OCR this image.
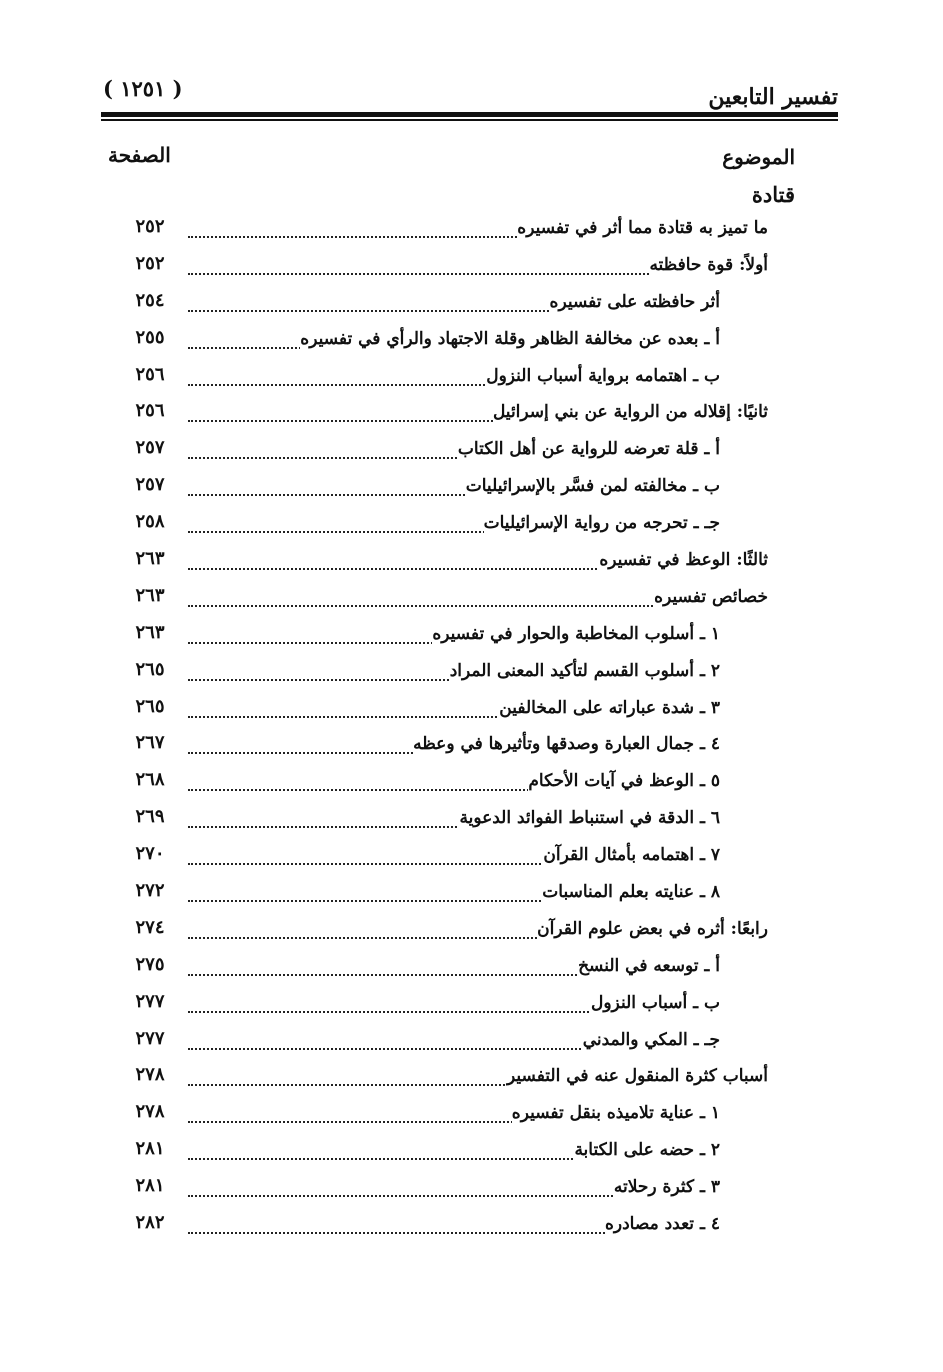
تفسير التابعين
( ١٢٥١ )
الموضوع
الصفحة
قتادة
ما تميز به قتادة مما أثر في تفسيره
٢٥٢
أولاً: قوة حافظته
٢٥٢
أثر حافظته على تفسيره
٢٥٤
أ ـ بعده عن مخالفة الظاهر وقلة الاجتهاد والرأي في تفسيره
٢٥٥
ب ـ اهتمامه برواية أسباب النزول
٢٥٦
ثانيًا: إقلاله من الرواية عن بني إسرائيل
٢٥٦
أ ـ قلة تعرضه للرواية عن أهل الكتاب
٢٥٧
ب ـ مخالفته لمن فسَّر بالإسرائيليات
٢٥٧
جـ ـ تحرجه من رواية الإسرائيليات
٢٥٨
ثالثًا: الوعظ في تفسيره
٢٦٣
خصائص تفسيره
٢٦٣
١ ـ أسلوب المخاطبة والحوار في تفسيره
٢٦٣
٢ ـ أسلوب القسم لتأكيد المعنى المراد
٢٦٥
٣ ـ شدة عباراته على المخالفين
٢٦٥
٤ ـ جمال العبارة وصدقها وتأثيرها في وعظه
٢٦٧
٥ ـ الوعظ في آيات الأحكام
٢٦٨
٦ ـ الدقة في استنباط الفوائد الدعوية
٢٦٩
٧ ـ اهتمامه بأمثال القرآن
٢٧٠
٨ ـ عنايته بعلم المناسبات
٢٧٢
رابعًا: أثره في بعض علوم القرآن
٢٧٤
أ ـ توسعه في النسخ
٢٧٥
ب ـ أسباب النزول
٢٧٧
جـ ـ المكي والمدني
٢٧٧
أسباب كثرة المنقول عنه في التفسير
٢٧٨
١ ـ عناية تلاميذه بنقل تفسيره
٢٧٨
٢ ـ حضه على الكتابة
٢٨١
٣ ـ كثرة رحلاته
٢٨١
٤ ـ تعدد مصادره
٢٨٢
